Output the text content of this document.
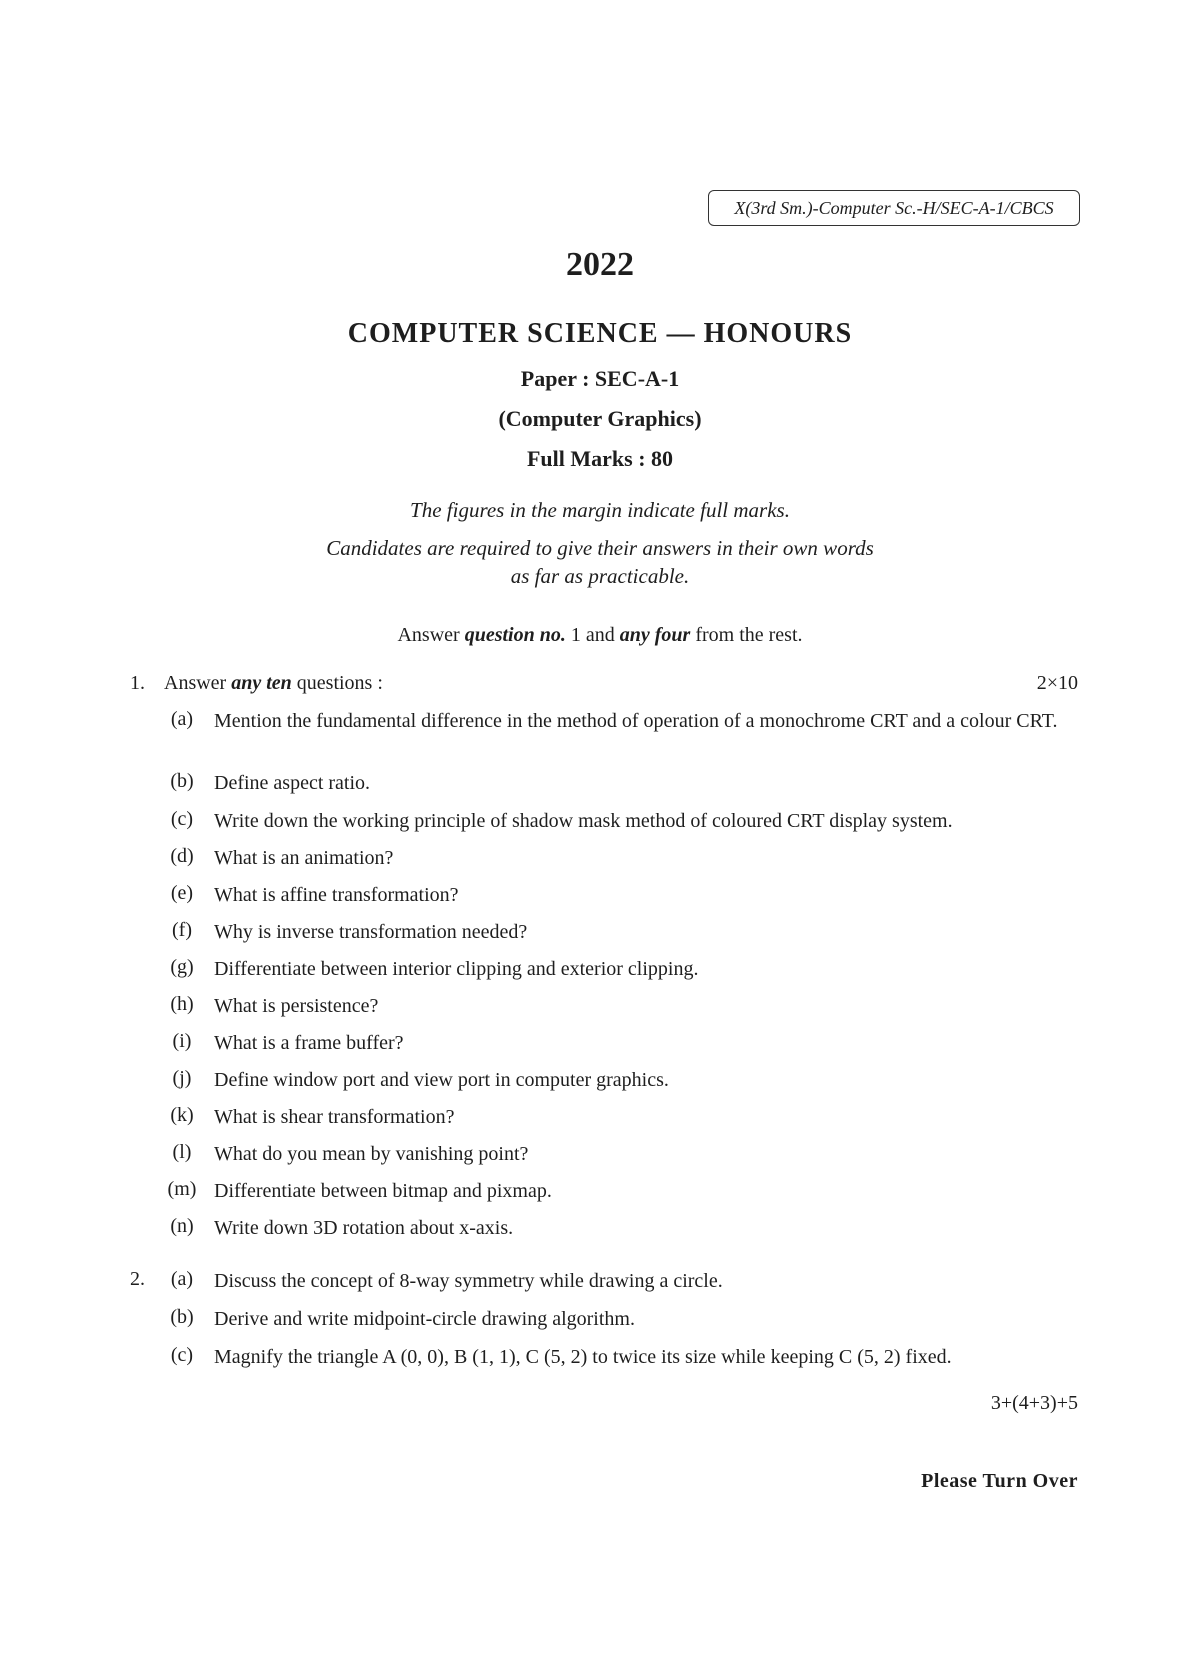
X(3rd Sm.)-Computer Sc.-H/SEC-A-1/CBCS
2022
COMPUTER SCIENCE — HONOURS
Paper : SEC-A-1
(Computer Graphics)
Full Marks : 80
The figures in the margin indicate full marks.
Candidates are required to give their answers in their own words
as far as practicable.
Answer question no. 1 and any four from the rest.
1. Answer any ten questions :	2×10
(a)	Mention the fundamental difference in the method of operation of a monochrome CRT and a colour CRT.
(b)	Define aspect ratio.
(c)	Write down the working principle of shadow mask method of coloured CRT display system.
(d)	What is an animation?
(e)	What is affine transformation?
(f)	Why is inverse transformation needed?
(g)	Differentiate between interior clipping and exterior clipping.
(h)	What is persistence?
(i)	What is a frame buffer?
(j)	Define window port and view port in computer graphics.
(k)	What is shear transformation?
(l)	What do you mean by vanishing point?
(m) Differentiate between bitmap and pixmap.
(n)	Write down 3D rotation about x-axis.
2.	(a)	Discuss the concept of 8-way symmetry while drawing a circle.
(b)	Derive and write midpoint-circle drawing algorithm.
(c)	Magnify the triangle A (0, 0), B (1, 1), C (5, 2) to twice its size while keeping C (5, 2) fixed.
3+(4+3)+5
Please Turn Over
